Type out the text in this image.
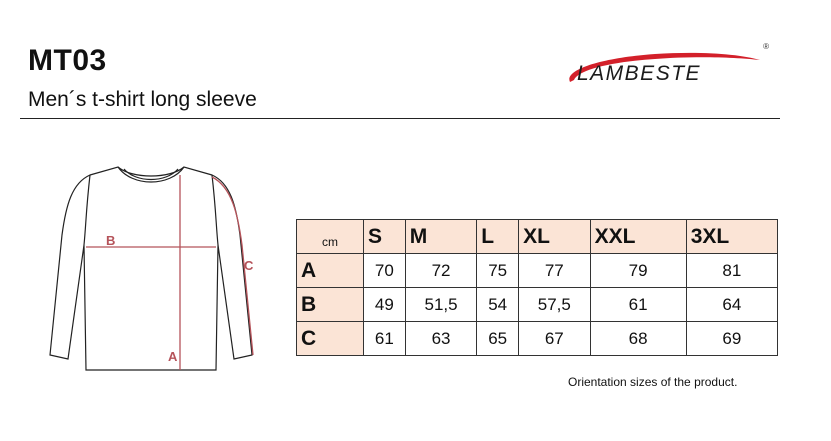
MT03
Men´s t-shirt long sleeve
LAMBESTE
®
B
A
C
cm	S	M	L	XL	XXL	3XL
A	70	72	75	77	79	81
B	49	51,5	54	57,5	61	64
C	61	63	65	67	68	69
Orientation sizes of the product.
